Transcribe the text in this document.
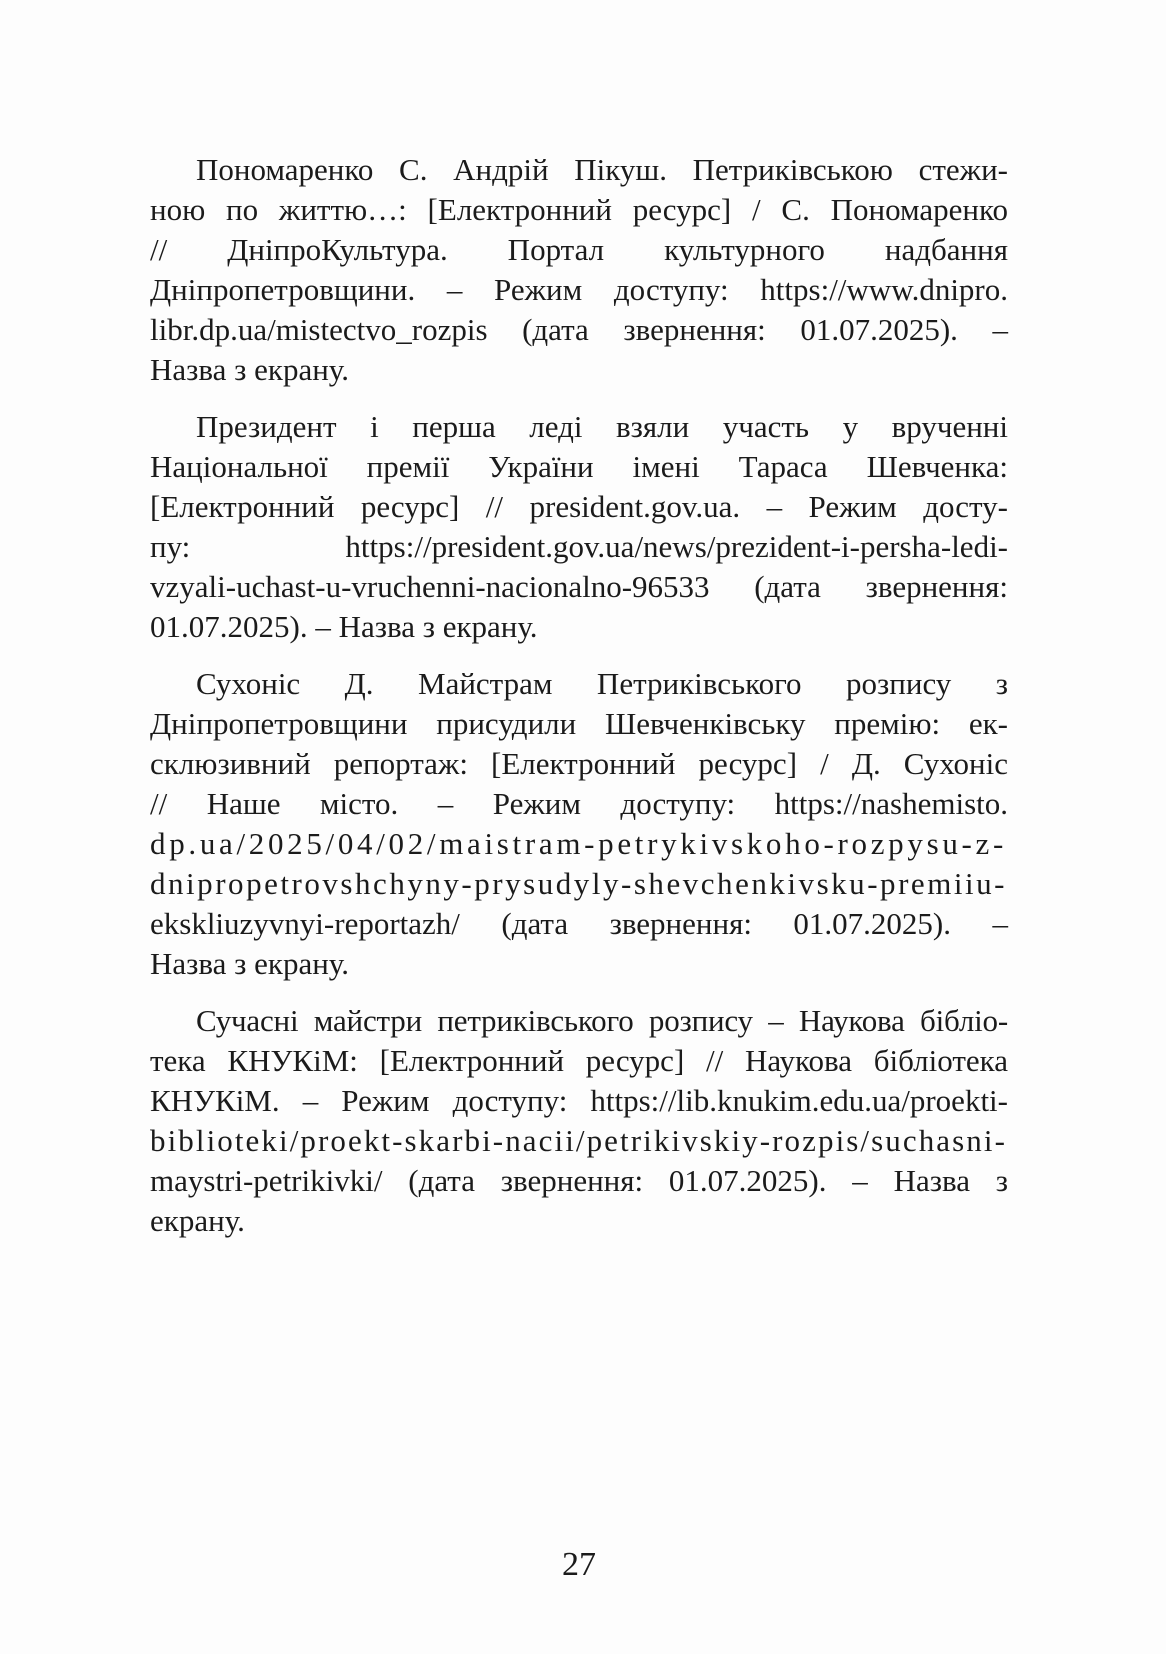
Пономаренко С. Андрій Пікуш. Петриківською стежи-
ною по життю…: [Електронний ресурс] / С. Пономаренко
// ДніпроКультура. Портал культурного надбання
Дніпропетровщини. – Режим доступу: https://www.dnipro.
libr.dp.ua/mistectvo_rozpis (дата звернення: 01.07.2025). –
Назва з екрану.
Президент і перша леді взяли участь у врученні
Національної премії України імені Тараса Шевченка:
[Електронний ресурс] // president.gov.ua. – Режим досту-
пу: https://president.gov.ua/news/prezident-i-persha-ledi-
vzyali-uchast-u-vruchenni-nacionalno-96533 (дата звернення:
01.07.2025). – Назва з екрану.
Сухоніс Д. Майстрам Петриківського розпису з
Дніпропетровщини присудили Шевченківську премію: ек-
склюзивний репортаж: [Електронний ресурс] / Д. Сухоніс
// Наше місто. – Режим доступу: https://nashemisto.
dp.ua/2025/04/02/maistram-petrykivskoho-rozpysu-z-
dnipropetrovshchyny-prysudyly-shevchenkivsku-premiiu-
ekskliuzyvnyi-reportazh/ (дата звернення: 01.07.2025). –
Назва з екрану.
Сучасні майстри петриківського розпису – Наукова бібліо-
тека КНУКіМ: [Електронний ресурс] // Наукова бібліотека
КНУКіМ. – Режим доступу: https://lib.knukim.edu.ua/proekti-
biblioteki/proekt-skarbi-nacii/petrikivskiy-rozpis/suchasni-
maystri-petrikivki/ (дата звернення: 01.07.2025). – Назва з
екрану.
27
